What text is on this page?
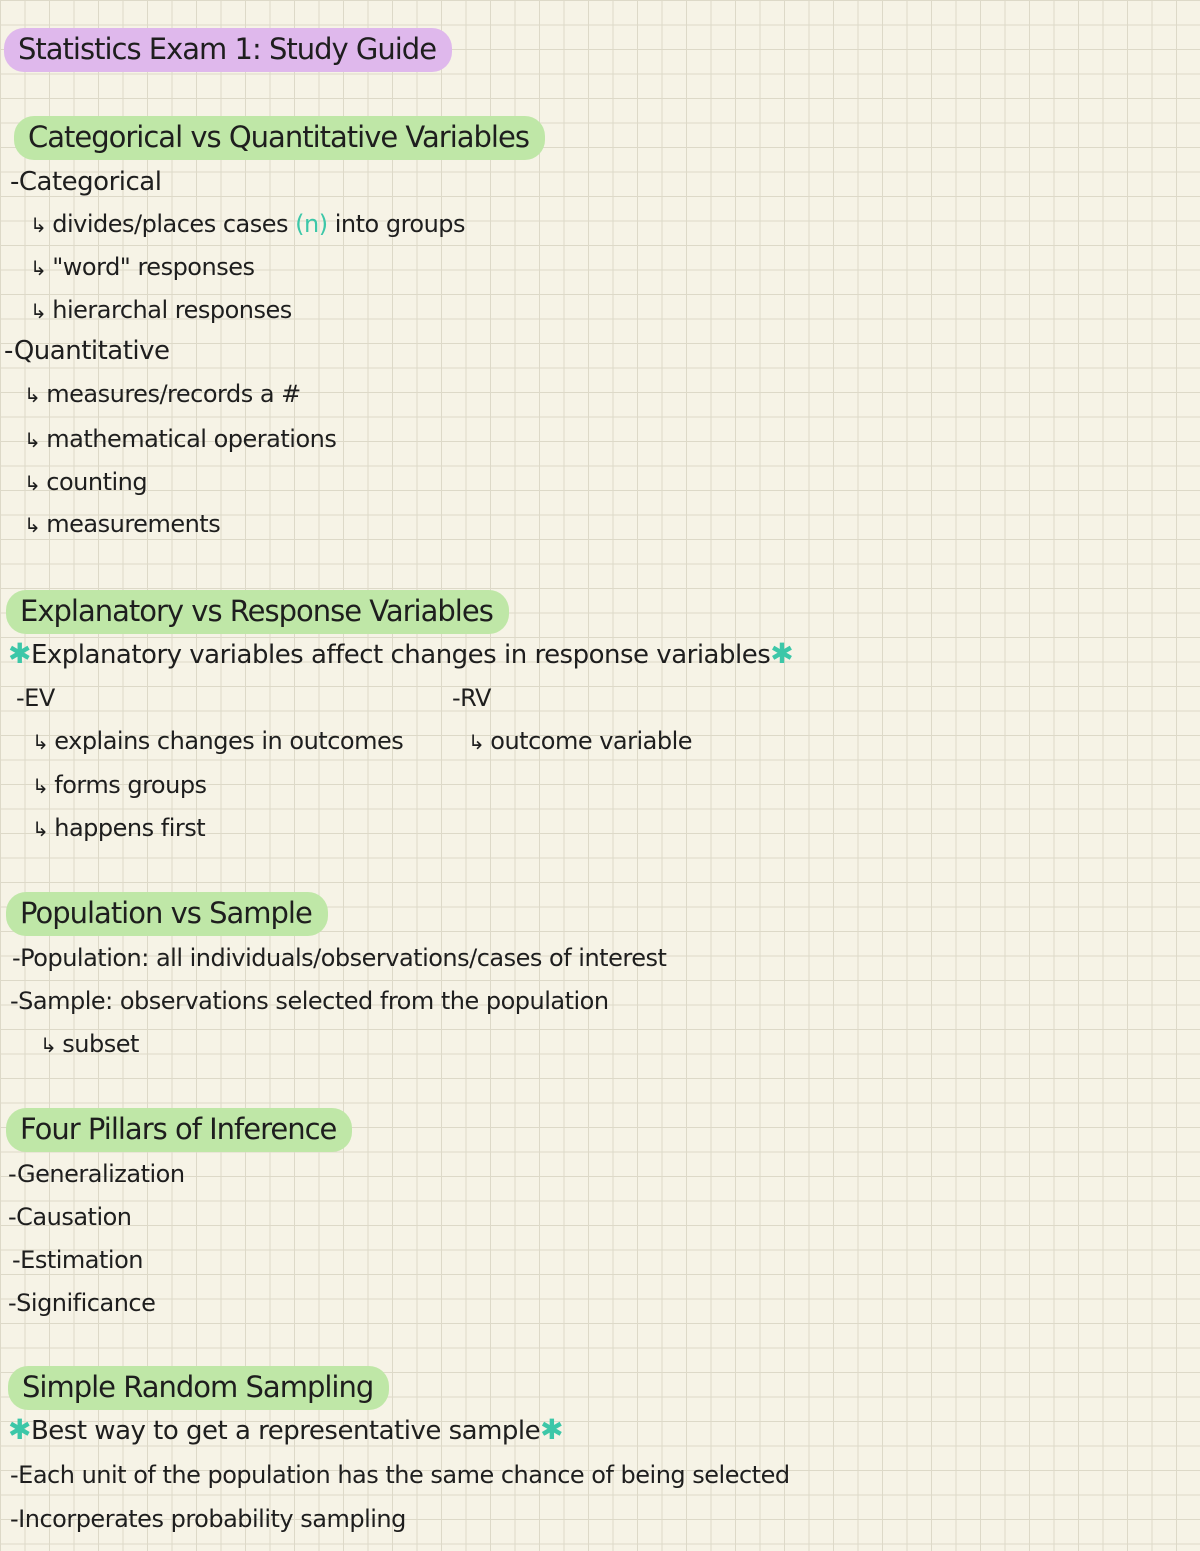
Statistics Exam 1: Study Guide
Categorical vs Quantitative Variables
-Categorical
↳ divides/places cases (n) into groups
↳ "word" responses
↳ hierarchal responses
-Quantitative
↳ measures/records a #
↳ mathematical operations
↳ counting
↳ measurements
Explanatory vs Response Variables
✱Explanatory variables affect changes in response variables✱
-EV
↳ explains changes in outcomes
↳ forms groups
↳ happens first
-RV
↳ outcome variable
Population vs Sample
-Population: all individuals/observations/cases of interest
-Sample: observations selected from the population
↳ subset
Four Pillars of Inference
-Generalization
-Causation
-Estimation
-Significance
Simple Random Sampling
✱Best way to get a representative sample✱
-Each unit of the population has the same chance of being selected
-Incorperates probability sampling
